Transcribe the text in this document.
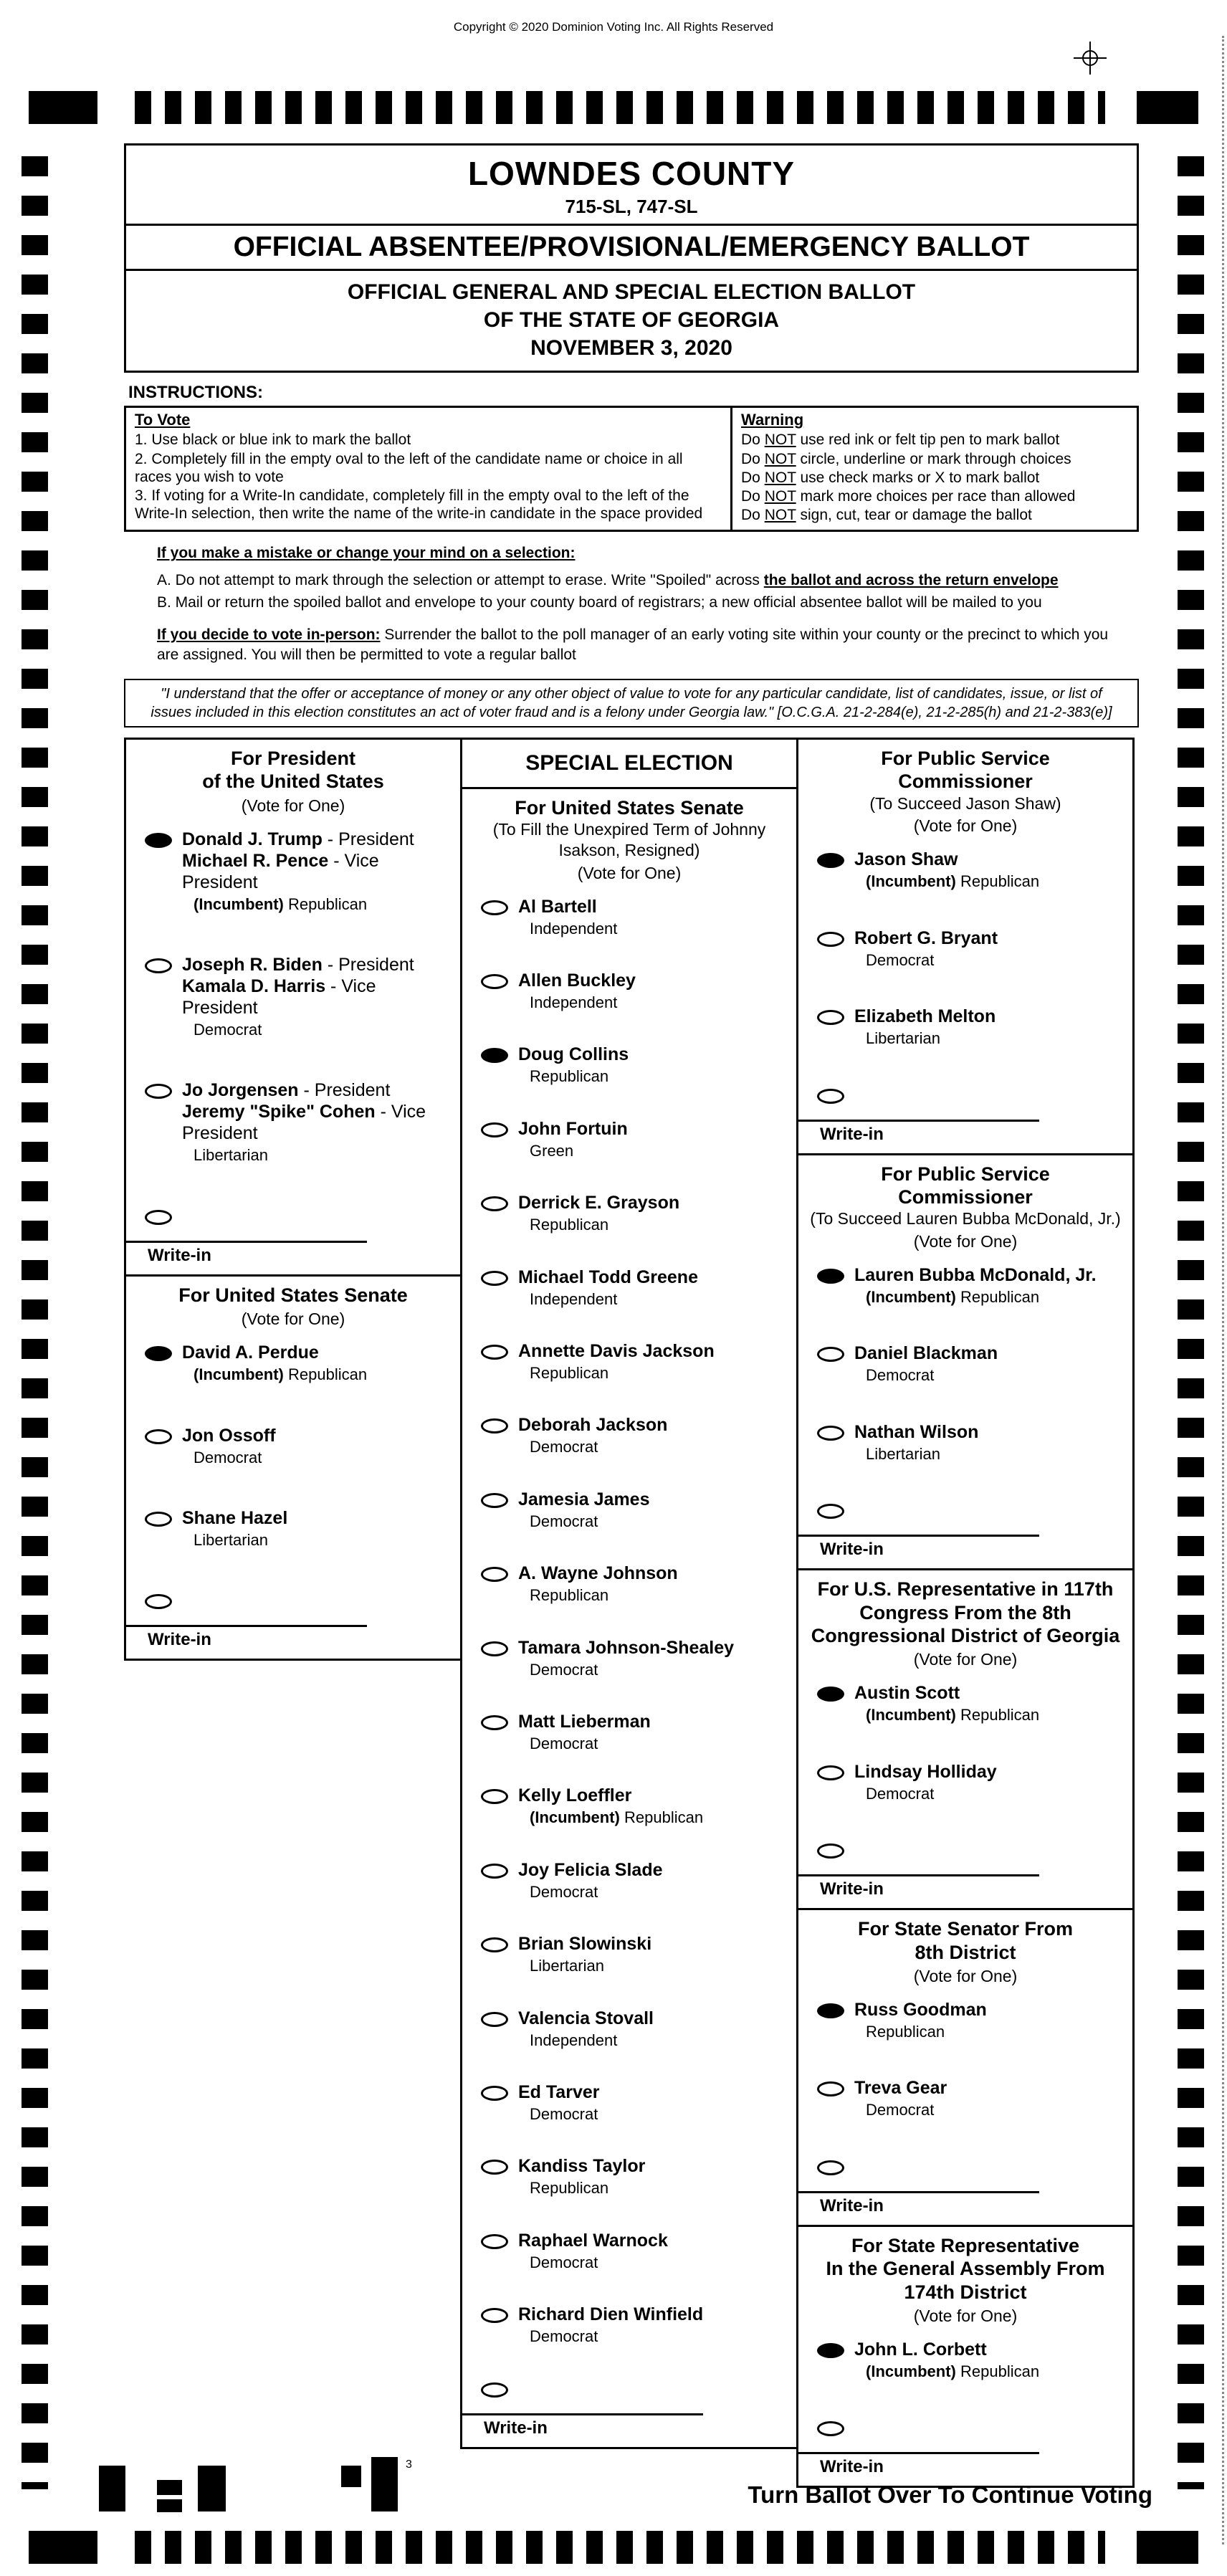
Copyright © 2020 Dominion Voting Inc. All Rights Reserved
LOWNDES COUNTY
715-SL, 747-SL
OFFICIAL ABSENTEE/PROVISIONAL/EMERGENCY BALLOT
OFFICIAL GENERAL AND SPECIAL ELECTION BALLOT
OF THE STATE OF GEORGIA
NOVEMBER 3, 2020
INSTRUCTIONS:
To Vote
1. Use black or blue ink to mark the ballot
2. Completely fill in the empty oval to the left of the candidate name or choice in all races you wish to vote
3. If voting for a Write-In candidate, completely fill in the empty oval to the left of the Write-In selection, then write the name of the write-in candidate in the space provided
Warning
Do NOT use red ink or felt tip pen to mark ballot
Do NOT circle, underline or mark through choices
Do NOT use check marks or X to mark ballot
Do NOT mark more choices per race than allowed
Do NOT sign, cut, tear or damage the ballot
If you make a mistake or change your mind on a selection:
A. Do not attempt to mark through the selection or attempt to erase. Write "Spoiled" across the ballot and across the return envelope
B. Mail or return the spoiled ballot and envelope to your county board of registrars; a new official absentee ballot will be mailed to you
If you decide to vote in-person: Surrender the ballot to the poll manager of an early voting site within your county or the precinct to which you are assigned. You will then be permitted to vote a regular ballot
"I understand that the offer or acceptance of money or any other object of value to vote for any particular candidate, list of candidates, issue, or list of issues included in this election constitutes an act of voter fraud and is a felony under Georgia law." [O.C.G.A. 21-2-284(e), 21-2-285(h) and 21-2-383(e)]
For President
of the United States
(Vote for One)
Donald J. Trump - President
Michael R. Pence - Vice President
(Incumbent) Republican
Joseph R. Biden - President
Kamala D. Harris - Vice President
Democrat
Jo Jorgensen - President
Jeremy "Spike" Cohen - Vice President
Libertarian
Write-in
For United States Senate
(Vote for One)
David A. Perdue
(Incumbent) Republican
Jon Ossoff
Democrat
Shane Hazel
Libertarian
Write-in
SPECIAL ELECTION
For United States Senate
(To Fill the Unexpired Term of Johnny
Isakson, Resigned)
(Vote for One)
Al Bartell
Independent
Allen Buckley
Independent
Doug Collins
Republican
John Fortuin
Green
Derrick E. Grayson
Republican
Michael Todd Greene
Independent
Annette Davis Jackson
Republican
Deborah Jackson
Democrat
Jamesia James
Democrat
A. Wayne Johnson
Republican
Tamara Johnson-Shealey
Democrat
Matt Lieberman
Democrat
Kelly Loeffler
(Incumbent) Republican
Joy Felicia Slade
Democrat
Brian Slowinski
Libertarian
Valencia Stovall
Independent
Ed Tarver
Democrat
Kandiss Taylor
Republican
Raphael Warnock
Democrat
Richard Dien Winfield
Democrat
Write-in
For Public Service
Commissioner
(To Succeed Jason Shaw)
(Vote for One)
Jason Shaw
(Incumbent) Republican
Robert G. Bryant
Democrat
Elizabeth Melton
Libertarian
Write-in
For Public Service
Commissioner
(To Succeed Lauren Bubba McDonald, Jr.)
(Vote for One)
Lauren Bubba McDonald, Jr.
(Incumbent) Republican
Daniel Blackman
Democrat
Nathan Wilson
Libertarian
Write-in
For U.S. Representative in 117th
Congress From the 8th
Congressional District of Georgia
(Vote for One)
Austin Scott
(Incumbent) Republican
Lindsay Holliday
Democrat
Write-in
For State Senator From
8th District
(Vote for One)
Russ Goodman
Republican
Treva Gear
Democrat
Write-in
For State Representative
In the General Assembly From
174th District
(Vote for One)
John L. Corbett
(Incumbent) Republican
Write-in
Turn Ballot Over To Continue Voting
+
3
